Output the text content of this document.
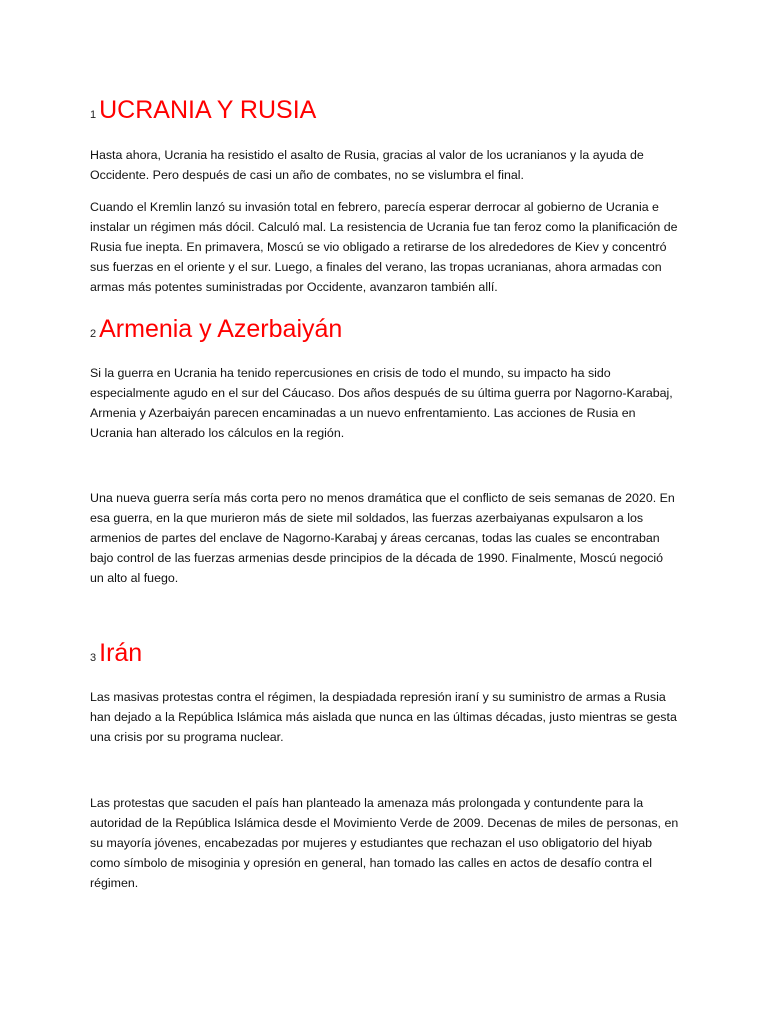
1 UCRANIA Y RUSIA

Hasta ahora, Ucrania ha resistido el asalto de Rusia, gracias al valor de los ucranianos y la ayuda de Occidente. Pero después de casi un año de combates, no se vislumbra el final.

Cuando el Kremlin lanzó su invasión total en febrero, parecía esperar derrocar al gobierno de Ucrania e instalar un régimen más dócil. Calculó mal. La resistencia de Ucrania fue tan feroz como la planificación de Rusia fue inepta. En primavera, Moscú se vio obligado a retirarse de los alrededores de Kiev y concentró sus fuerzas en el oriente y el sur. Luego, a finales del verano, las tropas ucranianas, ahora armadas con armas más potentes suministradas por Occidente, avanzaron también allí.

2 Armenia y Azerbaiyán

Si la guerra en Ucrania ha tenido repercusiones en crisis de todo el mundo, su impacto ha sido especialmente agudo en el sur del Cáucaso. Dos años después de su última guerra por Nagorno-Karabaj, Armenia y Azerbaiyán parecen encaminadas a un nuevo enfrentamiento. Las acciones de Rusia en Ucrania han alterado los cálculos en la región.

Una nueva guerra sería más corta pero no menos dramática que el conflicto de seis semanas de 2020. En esa guerra, en la que murieron más de siete mil soldados, las fuerzas azerbaiyanas expulsaron a los armenios de partes del enclave de Nagorno-Karabaj y áreas cercanas, todas las cuales se encontraban bajo control de las fuerzas armenias desde principios de la década de 1990. Finalmente, Moscú negoció un alto al fuego.

3 Irán

Las masivas protestas contra el régimen, la despiadada represión iraní y su suministro de armas a Rusia han dejado a la República Islámica más aislada que nunca en las últimas décadas, justo mientras se gesta una crisis por su programa nuclear.

Las protestas que sacuden el país han planteado la amenaza más prolongada y contundente para la autoridad de la República Islámica desde el Movimiento Verde de 2009. Decenas de miles de personas, en su mayoría jóvenes, encabezadas por mujeres y estudiantes que rechazan el uso obligatorio del hiyab como símbolo de misoginia y opresión en general, han tomado las calles en actos de desafío contra el régimen.
